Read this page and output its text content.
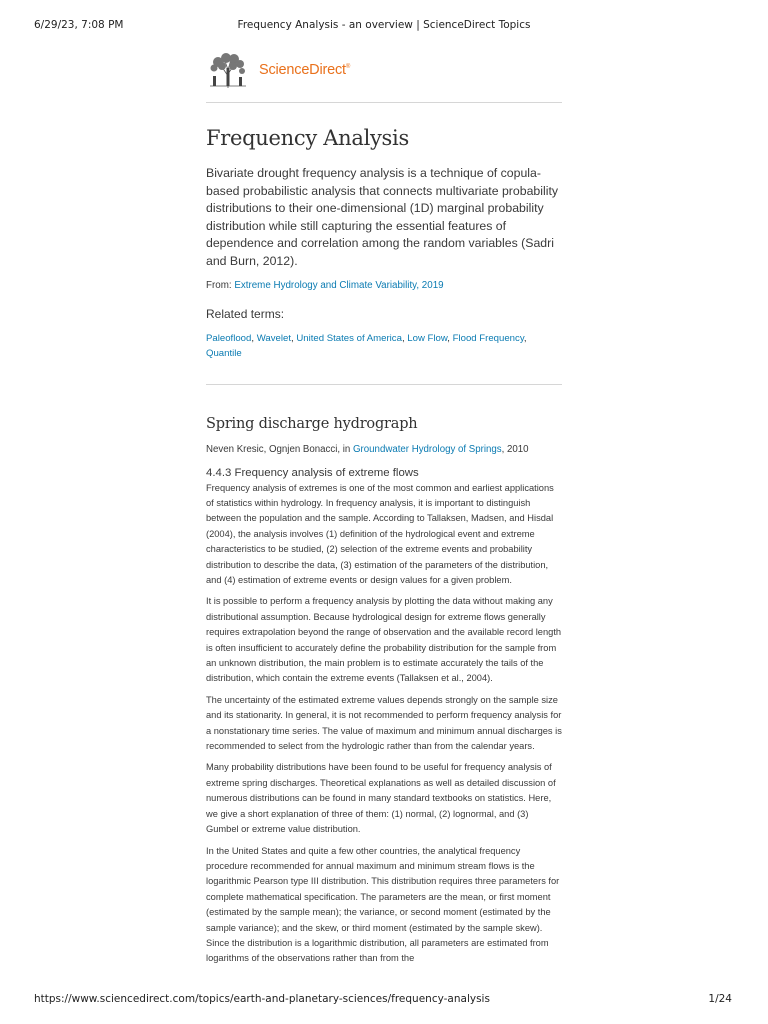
6/29/23, 7:08 PM	Frequency Analysis - an overview | ScienceDirect Topics
ScienceDirect®
Frequency Analysis

Bivariate drought frequency analysis is a technique of copula-based probabilistic analysis that connects multivariate probability distributions to their one-dimensional (1D) marginal probability distribution while still capturing the essential features of dependence and correlation among the random variables (Sadri and Burn, 2012).

From: Extreme Hydrology and Climate Variability, 2019
Related terms:
Paleoflood, Wavelet, United States of America, Low Flow, Flood Frequency,
Quantile
Spring discharge hydrograph
Neven Kresic, Ognjen Bonacci, in Groundwater Hydrology of Springs, 2010
4.4.3 Frequency analysis of extreme flows

Frequency analysis of extremes is one of the most common and earliest applications of statistics within hydrology. In frequency analysis, it is important to distinguish between the population and the sample. According to Tallaksen, Madsen, and Hisdal (2004), the analysis involves (1) definition of the hydrological event and extreme characteristics to be studied, (2) selection of the extreme events and probability distribution to describe the data, (3) estimation of the parameters of the distribution, and (4) estimation of extreme events or design values for a given problem.

It is possible to perform a frequency analysis by plotting the data without making any distributional assumption. Because hydrological design for extreme flows generally requires extrapolation beyond the range of observation and the available record length is often insufficient to accurately define the probability distribution for the sample from an unknown distribution, the main problem is to estimate accurately the tails of the distribution, which contain the extreme events (Tallaksen et al., 2004).

The uncertainty of the estimated extreme values depends strongly on the sample size and its stationarity. In general, it is not recommended to perform frequency analysis for a nonstationary time series. The value of maximum and minimum annual discharges is recommended to select from the hydrologic rather than from the calendar years.

Many probability distributions have been found to be useful for frequency analysis of extreme spring discharges. Theoretical explanations as well as detailed discussion of numerous distributions can be found in many standard textbooks on statistics. Here, we give a short explanation of three of them: (1) normal, (2) lognormal, and (3) Gumbel or extreme value distribution.

In the United States and quite a few other countries, the analytical frequency procedure recommended for annual maximum and minimum stream flows is the logarithmic Pearson type III distribution. This distribution requires three parameters for complete mathematical specification. The parameters are the mean, or first moment (estimated by the sample mean); the variance, or second moment (estimated by the sample variance); and the skew, or third moment (estimated by the sample skew). Since the distribution is a logarithmic distribution, all parameters are estimated from logarithms of the observations rather than from the

https://www.sciencedirect.com/topics/earth-and-planetary-sciences/frequency-analysis	1/24
